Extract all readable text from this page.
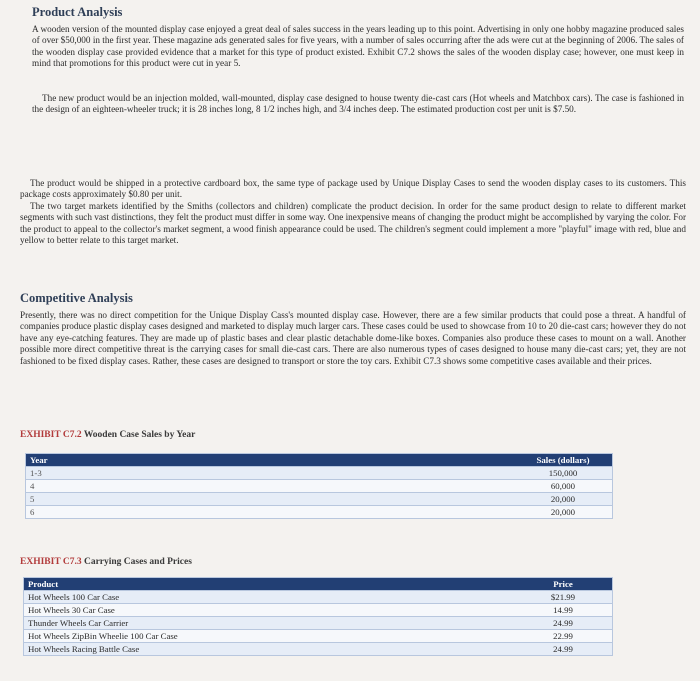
Product Analysis

A wooden version of the mounted display case enjoyed a great deal of sales success in the years leading up to this point. Advertising in only one hobby magazine produced sales of over $50,000 in the first year. These magazine ads generated sales for five years, with a number of sales occurring after the ads were cut at the beginning of 2006. The sales of the wooden display case provided evidence that a market for this type of product existed. Exhibit C7.2 shows the sales of the wooden display case; however, one must keep in mind that promotions for this product were cut in year 5.

The new product would be an injection molded, wall-mounted, display case designed to house twenty die-cast cars (Hot wheels and Matchbox cars). The case is fashioned in the design of an eighteen-wheeler truck; it is 28 inches long, 8 1/2 inches high, and 3/4 inches deep. The estimated production cost per unit is $7.50.

The product would be shipped in a protective cardboard box, the same type of package used by Unique Display Cases to send the wooden display cases to its customers. This package costs approximately $0.80 per unit.

The two target markets identified by the Smiths (collectors and children) complicate the product decision. In order for the same product design to relate to different market segments with such vast distinctions, they felt the product must differ in some way. One inexpensive means of changing the product might be accomplished by varying the color. For the product to appeal to the collector's market segment, a wood finish appearance could be used. The children's segment could implement a more "playful" image with red, blue and yellow to better relate to this target market.

Competitive Analysis

Presently, there was no direct competition for the Unique Display Cass's mounted display case. However, there are a few similar products that could pose a threat. A handful of companies produce plastic display cases designed and marketed to display much larger cars. These cases could be used to showcase from 10 to 20 die-cast cars; however they do not have any eye-catching features. They are made up of plastic bases and clear plastic detachable dome-like boxes. Companies also produce these cases to mount on a wall. Another possible more direct competitive threat is the carrying cases for small die-cast cars. There are also numerous types of cases designed to house many die-cast cars; yet, they are not fashioned to be fixed display cases. Rather, these cases are designed to transport or store the toy cars. Exhibit C7.3 shows some competitive cases available and their prices.

EXHIBIT C7.2 Wooden Case Sales by Year

Year	Sales (dollars)
1-3	150,000
4	60,000
5	20,000
6	20,000

EXHIBIT C7.3 Carrying Cases and Prices

Product	Price
Hot Wheels 100 Car Case	$21.99
Hot Wheels 30 Car Case	14.99
Thunder Wheels Car Carrier	24.99
Hot Wheels ZipBin Wheelie 100 Car Case	22.99
Hot Wheels Racing Battle Case	24.99
